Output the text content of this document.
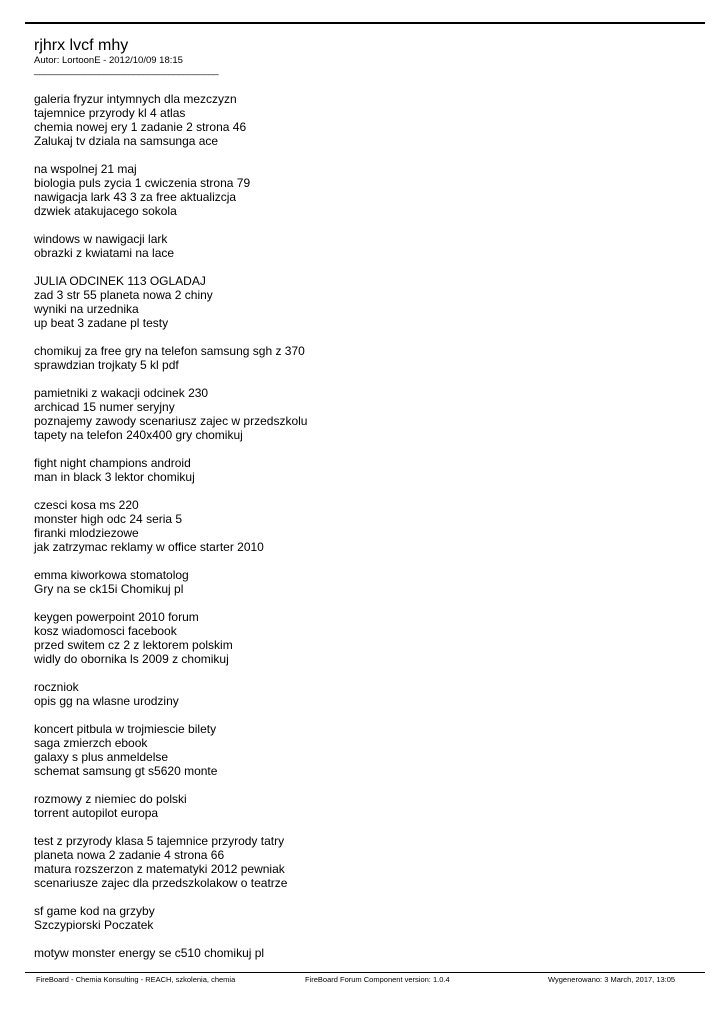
rjhrx lvcf mhy
Autor: LortoonE - 2012/10/09 18:15
_____________________________________
galeria fryzur intymnych dla mezczyzn
tajemnice przyrody kl 4 atlas
chemia nowej ery 1 zadanie 2 strona 46
Zalukaj tv dziala na samsunga ace
na wspolnej 21 maj
biologia puls zycia 1 cwiczenia strona 79
nawigacja lark 43 3 za free aktualizcja
dzwiek atakujacego sokola
windows w nawigacji lark
obrazki z kwiatami na lace
JULIA ODCINEK 113 OGLADAJ
zad 3 str 55 planeta nowa 2 chiny
wyniki na urzednika
up beat 3 zadane pl testy
chomikuj za free gry na telefon samsung sgh z 370
sprawdzian trojkaty 5 kl pdf
pamietniki z wakacji odcinek 230
archicad 15 numer seryjny
poznajemy zawody scenariusz zajec w przedszkolu
tapety na telefon 240x400 gry chomikuj
fight night champions android
man in black 3 lektor chomikuj
czesci kosa ms 220
monster high odc 24 seria 5
firanki mlodziezowe
jak zatrzymac reklamy w office starter 2010
emma kiworkowa stomatolog
Gry na se ck15i Chomikuj pl
keygen powerpoint 2010 forum
kosz wiadomosci facebook
przed switem cz 2 z lektorem polskim
widly do obornika ls 2009 z chomikuj
roczniok
opis gg na wlasne urodziny
koncert pitbula w trojmiescie bilety
saga zmierzch ebook
galaxy s plus anmeldelse
schemat samsung gt s5620 monte
rozmowy z niemiec do polski
torrent autopilot europa
test z przyrody klasa 5 tajemnice przyrody tatry
planeta nowa 2 zadanie 4 strona 66
matura rozszerzon z matematyki 2012 pewniak
scenariusze zajec dla przedszkolakow o teatrze
sf game kod na grzyby
Szczypiorski Poczatek
motyw monster energy se c510 chomikuj pl
FireBoard - Chemia Konsulting - REACH, szkolenia, chemia	FireBoard Forum Component version: 1.0.4	Wygenerowano: 3 March, 2017, 13:05
